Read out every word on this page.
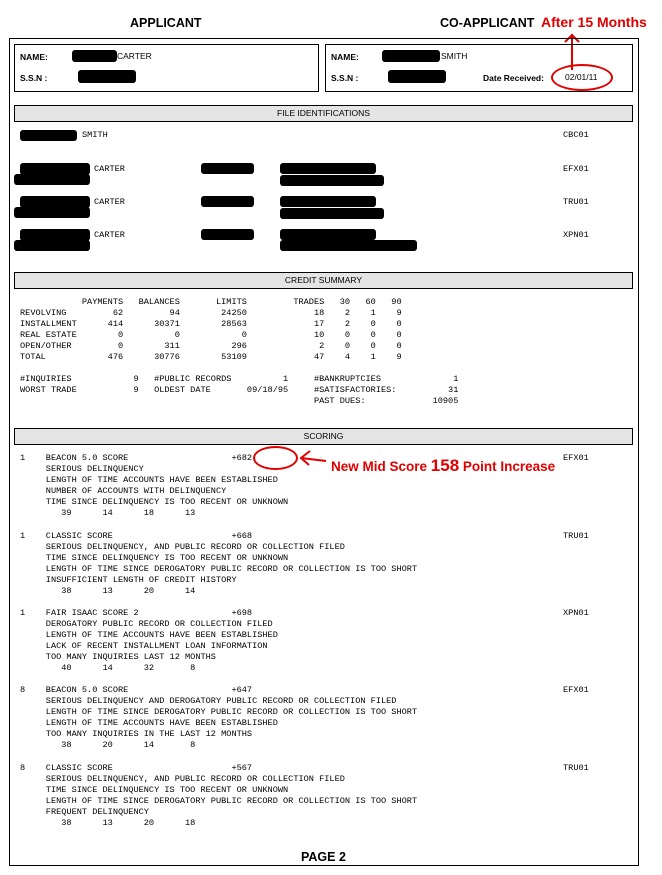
APPLICANT	CO-APPLICANT After 15 Months
NAME:	CARTER
S.S.N :
NAME:	SMITH
S.S.N :	Date Received: 02/01/11
FILE IDENTIFICATIONS
SMITH	CBC01
CARTER	EFX01
CARTER	TRU01
CARTER	XPN01
CREDIT SUMMARY
PAYMENTS   BALANCES       LIMITS         TRADES   30   60   90
REVOLVING         62         94        24250             18    2    1    9
INSTALLMENT      414      30371        28563             17    2    0    0
REAL ESTATE        0          0            0             10    0    0    0
OPEN/OTHER         0        311          296              2    0    0    0
TOTAL            476      30776        53109             47    4    1    9
#INQUIRIES            9   #PUBLIC RECORDS          1     #BANKRUPTCIES              1
WORST TRADE           9   OLDEST DATE       09/18/95     #SATISFACTORIES:          31
PAST DUES:             10905
SCORING
1    BEACON 5.0 SCORE                    +682
SERIOUS DELINQUENCY
LENGTH OF TIME ACCOUNTS HAVE BEEN ESTABLISHED
NUMBER OF ACCOUNTS WITH DELINQUENCY
TIME SINCE DELINQUENCY IS TOO RECENT OR UNKNOWN
39      14      18      13
EFX01
1    CLASSIC SCORE                       +668
SERIOUS DELINQUENCY, AND PUBLIC RECORD OR COLLECTION FILED
TIME SINCE DELINQUENCY IS TOO RECENT OR UNKNOWN
LENGTH OF TIME SINCE DEROGATORY PUBLIC RECORD OR COLLECTION IS TOO SHORT
INSUFFICIENT LENGTH OF CREDIT HISTORY
38      13      20      14
TRU01
1    FAIR ISAAC SCORE 2                  +698
DEROGATORY PUBLIC RECORD OR COLLECTION FILED
LENGTH OF TIME ACCOUNTS HAVE BEEN ESTABLISHED
LACK OF RECENT INSTALLMENT LOAN INFORMATION
TOO MANY INQUIRIES LAST 12 MONTHS
40      14      32       8
XPN01
8    BEACON 5.0 SCORE                    +647
SERIOUS DELINQUENCY AND DEROGATORY PUBLIC RECORD OR COLLECTION FILED
LENGTH OF TIME SINCE DEROGATORY PUBLIC RECORD OR COLLECTION IS TOO SHORT
LENGTH OF TIME ACCOUNTS HAVE BEEN ESTABLISHED
TOO MANY INQUIRIES IN THE LAST 12 MONTHS
38      20      14       8
EFX01
8    CLASSIC SCORE                       +567
SERIOUS DELINQUENCY, AND PUBLIC RECORD OR COLLECTION FILED
TIME SINCE DELINQUENCY IS TOO RECENT OR UNKNOWN
LENGTH OF TIME SINCE DEROGATORY PUBLIC RECORD OR COLLECTION IS TOO SHORT
FREQUENT DELINQUENCY
38      13      20      18
TRU01
New Mid Score 158 Point Increase
PAGE 2
